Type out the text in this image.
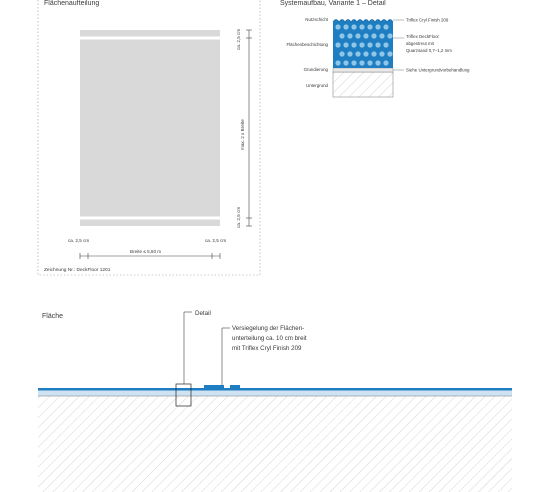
Flächenaufteilung
ca. 2,5 cm
max. 2 x Breite
ca. 2,5 cm
ca. 2,5 cm	ca. 2,5 cm
Breite ≤ 5,50 m
Zeichnung Nr.: DeckFloor 1201
Systemaufbau, Variante 1 – Detail
Nutzschicht
Flächenbeschichtung
Grundierung
Untergrund
Triflex Cryl Finish 209
Triflex DeckFloor
abgestreut mit
Quarzsand 0,7–1,2 mm
Siehe Untergrundvorbehandlung
Fläche	Detail
Versiegelung der Flächen-
unterteilung ca. 10 cm breit
mit Triflex Cryl Finish 209
